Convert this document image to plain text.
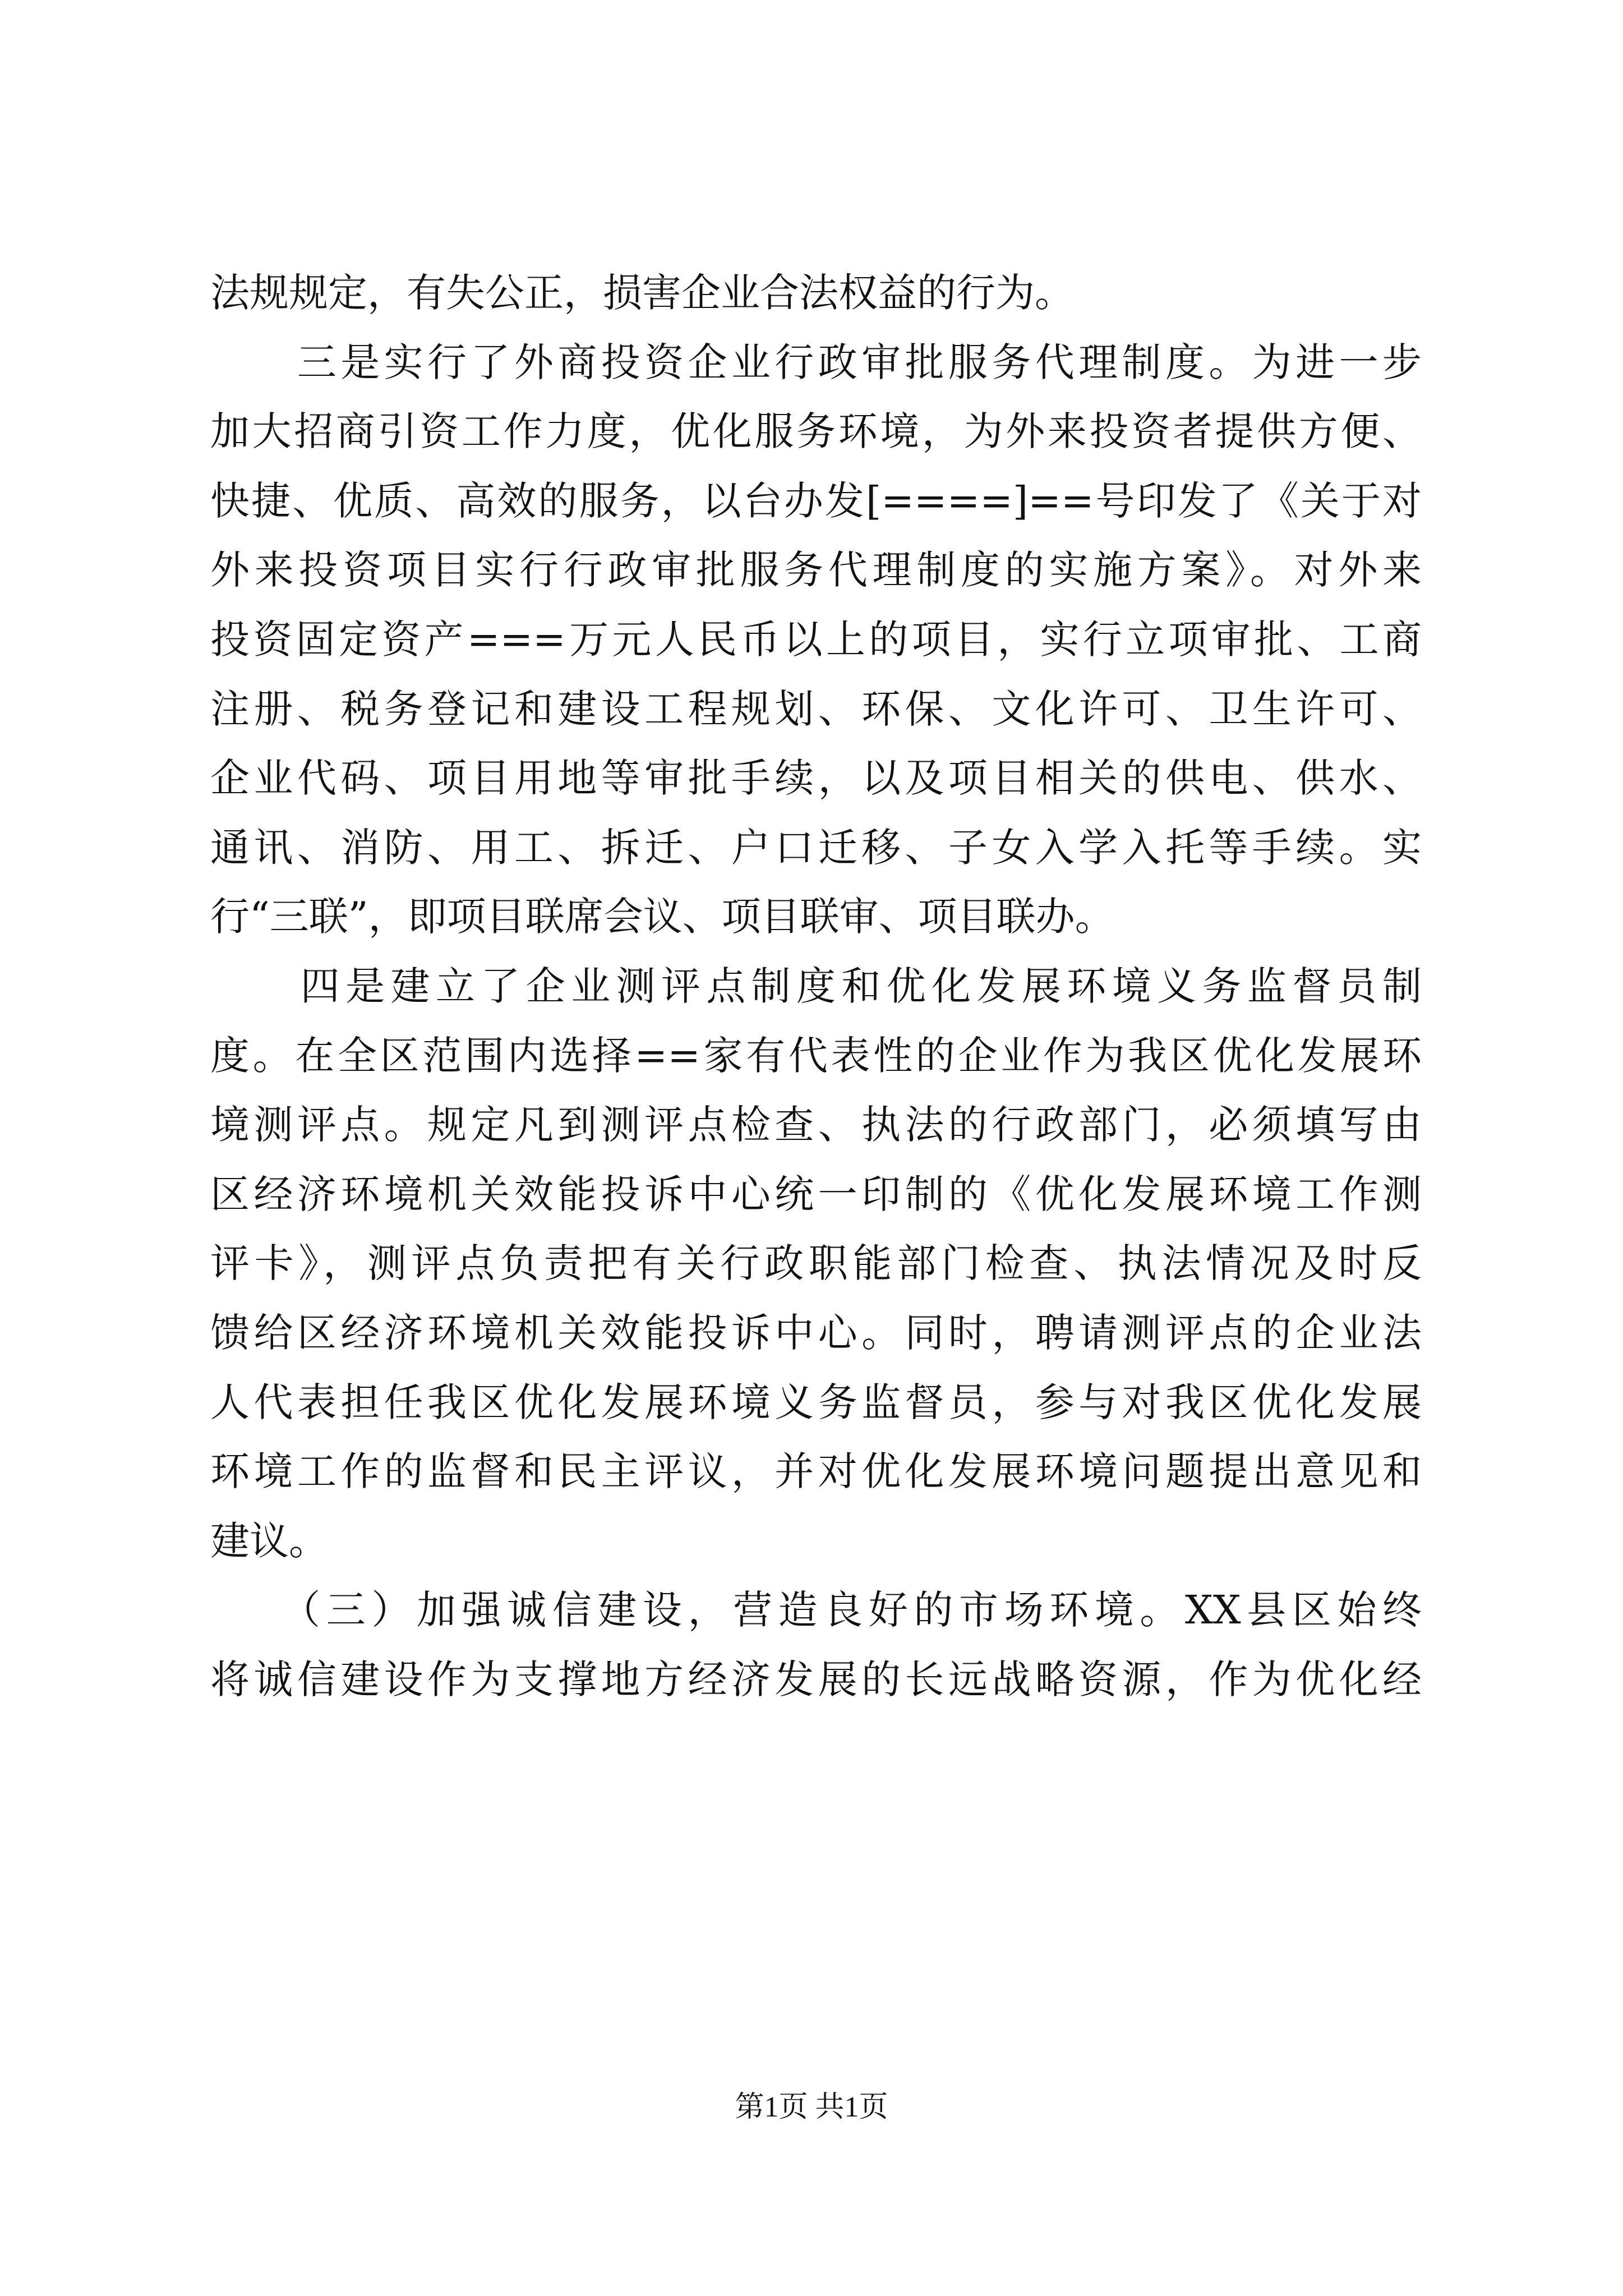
法规规定，有失公正，损害企业合法权益的行为。
　　三是实行了外商投资企业行政审批服务代理制度。为进一步
加大招商引资工作力度，优化服务环境，为外来投资者提供方便、
快捷、优质、高效的服务，以台办发[====]==号印发了《关于对
外来投资项目实行行政审批服务代理制度的实施方案》。对外来
投资固定资产===万元人民币以上的项目，实行立项审批、工商
注册、税务登记和建设工程规划、环保、文化许可、卫生许可、
企业代码、项目用地等审批手续，以及项目相关的供电、供水、
通讯、消防、用工、拆迁、户口迁移、子女入学入托等手续。实
行“三联”，即项目联席会议、项目联审、项目联办。
　　四是建立了企业测评点制度和优化发展环境义务监督员制
度。在全区范围内选择==家有代表性的企业作为我区优化发展环
境测评点。规定凡到测评点检查、执法的行政部门，必须填写由
区经济环境机关效能投诉中心统一印制的《优化发展环境工作测
评卡》，测评点负责把有关行政职能部门检查、执法情况及时反
馈给区经济环境机关效能投诉中心。同时，聘请测评点的企业法
人代表担任我区优化发展环境义务监督员，参与对我区优化发展
环境工作的监督和民主评议，并对优化发展环境问题提出意见和
建议。
　　（三）加强诚信建设，营造良好的市场环境。XX县区始终
将诚信建设作为支撑地方经济发展的长远战略资源，作为优化经
第1页 共1页
